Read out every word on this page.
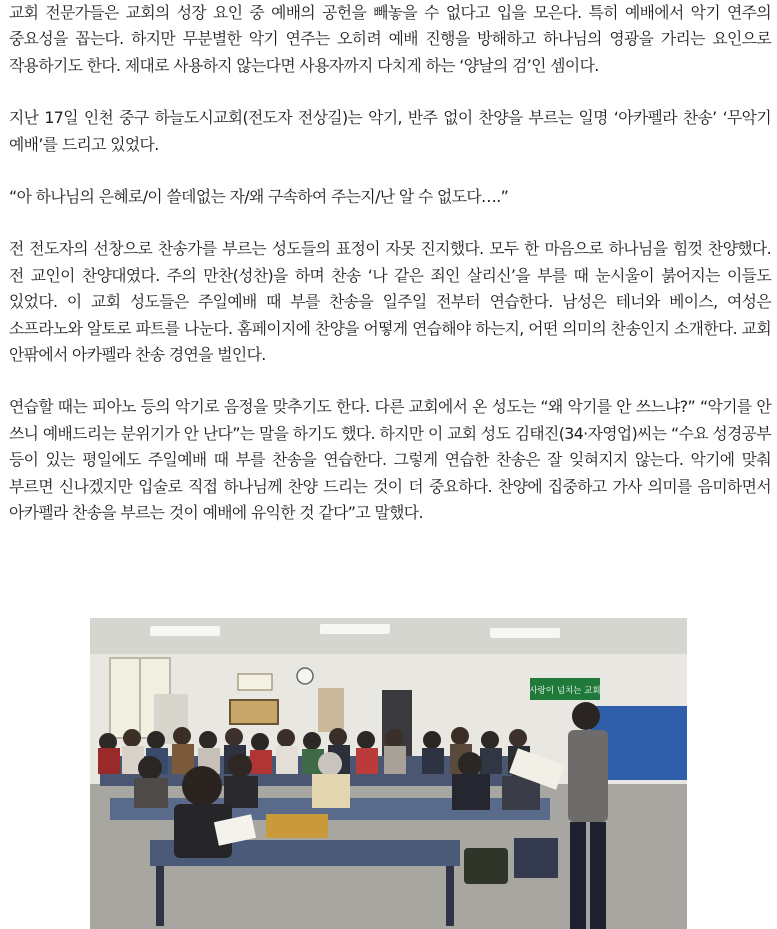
교회 전문가들은 교회의 성장 요인 중 예배의 공헌을 빼놓을 수 없다고 입을 모은다. 특히 예배에서 악기 연주의 중요성을 꼽는다. 하지만 무분별한 악기 연주는 오히려 예배 진행을 방해하고 하나님의 영광을 가리는 요인으로 작용하기도 한다. 제대로 사용하지 않는다면 사용자까지 다치게 하는 ‘양날의 검’인 셈이다.

지난 17일 인천 중구 하늘도시교회(전도자 전상길)는 악기, 반주 없이 찬양을 부르는 일명 ‘아카펠라 찬송’ ‘무악기 예배’를 드리고 있었다.

“아 하나님의 은혜로/이 쓸데없는 자/왜 구속하여 주는지/난 알 수 없도다….”

전 전도자의 선창으로 찬송가를 부르는 성도들의 표정이 자못 진지했다. 모두 한 마음으로 하나님을 힘껏 찬양했다. 전 교인이 찬양대였다. 주의 만찬(성찬)을 하며 찬송 ‘나 같은 죄인 살리신’을 부를 때 눈시울이 붉어지는 이들도 있었다. 이 교회 성도들은 주일예배 때 부를 찬송을 일주일 전부터 연습한다. 남성은 테너와 베이스, 여성은 소프라노와 알토로 파트를 나눈다. 홈페이지에 찬양을 어떻게 연습해야 하는지, 어떤 의미의 찬송인지 소개한다. 교회 안팎에서 아카펠라 찬송 경연을 벌인다.

연습할 때는 피아노 등의 악기로 음정을 맞추기도 한다. 다른 교회에서 온 성도는 “왜 악기를 안 쓰느냐?” “악기를 안 쓰니 예배드리는 분위기가 안 난다”는 말을 하기도 했다. 하지만 이 교회 성도 김태진(34·자영업)씨는 “수요 성경공부 등이 있는 평일에도 주일예배 때 부를 찬송을 연습한다. 그렇게 연습한 찬송은 잘 잊혀지지 않는다. 악기에 맞춰 부르면 신나겠지만 입술로 직접 하나님께 찬양 드리는 것이 더 중요하다. 찬양에 집중하고 가사 의미를 음미하면서 아카펠라 찬송을 부르는 것이 예배에 유익한 것 같다”고 말했다.

사랑이 넘치는 교회
